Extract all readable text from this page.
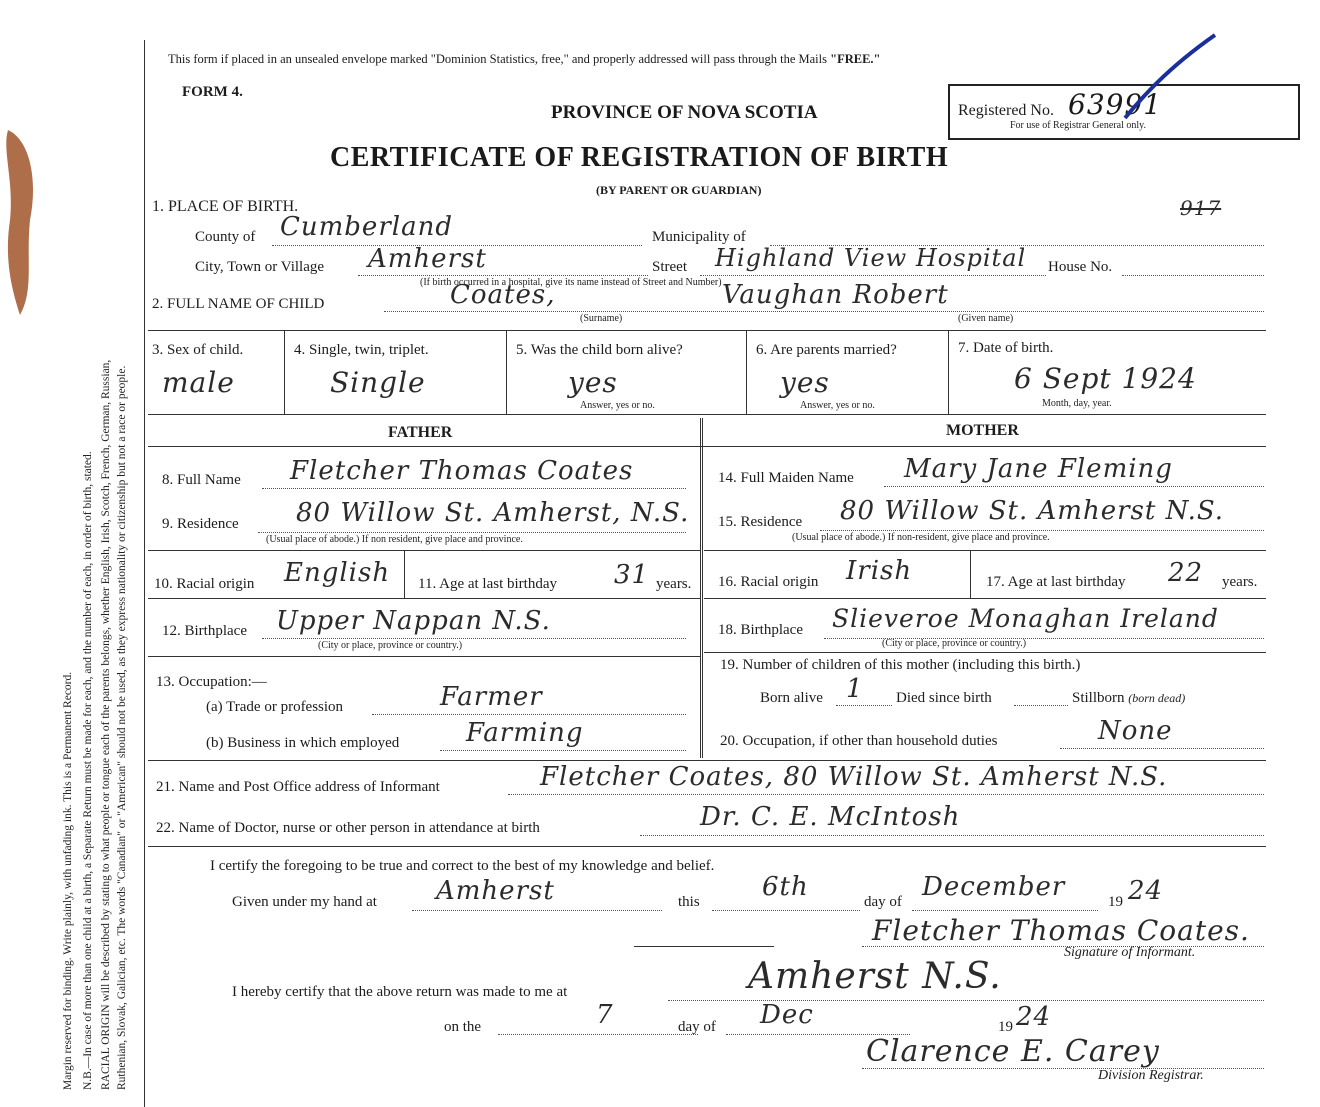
Margin reserved for binding. Write plainly, with unfading ink. This is a Permanent Record. N.B.—In case of more than one child at a birth, a Separate Return must be made for each, and the number of each, in order of birth, stated. RACIAL ORIGIN will be described by stating to what people or tongue each of the parents belongs, whether English, Irish, Scotch, French, German, Russian, Ruthenian, Slovak, Galician, etc. The words "Canadian" or "American" should not be used, as they express nationality or citizenship but not a race or people.
This form if placed in an unsealed envelope marked "Dominion Statistics, free," and properly addressed will pass through the Mails "FREE."
FORM 4.
PROVINCE OF NOVA SCOTIA
CERTIFICATE OF REGISTRATION OF BIRTH
(BY PARENT OR GUARDIAN)
Registered No. 63991
For use of Registrar General only.
917
1. PLACE OF BIRTH.
County of Cumberland	Municipality of
City, Town or Village Amherst	Street Highland View Hospital House No.
(If birth occurred in a hospital, give its name instead of Street and Number)
2. FULL NAME OF CHILD	Coates,	Vaughan Robert
(Surname)	(Given name)
3. Sex of child.
male
4. Single, twin, triplet.
Single
5. Was the child born alive?
yes
Answer, yes or no.
6. Are parents married?
yes
Answer, yes or no.
7. Date of birth.
6 Sept 1924
Month, day, year.
FATHER	MOTHER
8. Full Name Fletcher Thomas Coates
9. Residence 80 Willow St. Amherst, N.S.
(Usual place of abode.) If non resident, give place and province.
10. Racial origin English 11. Age at last birthday 31 years.
12. Birthplace Upper Nappan N.S.
(City or place, province or country.)
13. Occupation:—
(a) Trade or profession	Farmer
(b) Business in which employed	Farming
14. Full Maiden Name Mary Jane Fleming
15. Residence 80 Willow St. Amherst N.S.
(Usual place of abode.) If non-resident, give place and province.
16. Racial origin Irish	17. Age at last birthday 22 years.
18. Birthplace Slieveroe Monaghan Ireland
(City or place, province or country.)
19. Number of children of this mother (including this birth.)
Born alive 1 Died since birth	Stillborn (born dead)
20. Occupation, if other than household duties	None
21. Name and Post Office address of Informant	Fletcher Coates, 80 Willow St. Amherst N.S.
22. Name of Doctor, nurse or other person in attendance at birth	Dr. C. E. McIntosh
I certify the foregoing to be true and correct to the best of my knowledge and belief.
Given under my hand at Amherst	this 6th	day of December	19 24
Fletcher Thomas Coates.
Signature of Informant.
I hereby certify that the above return was made to me at	Amherst N.S.
on the	7	day of Dec	19 24
Clarence E. Carey
Division Registrar.
